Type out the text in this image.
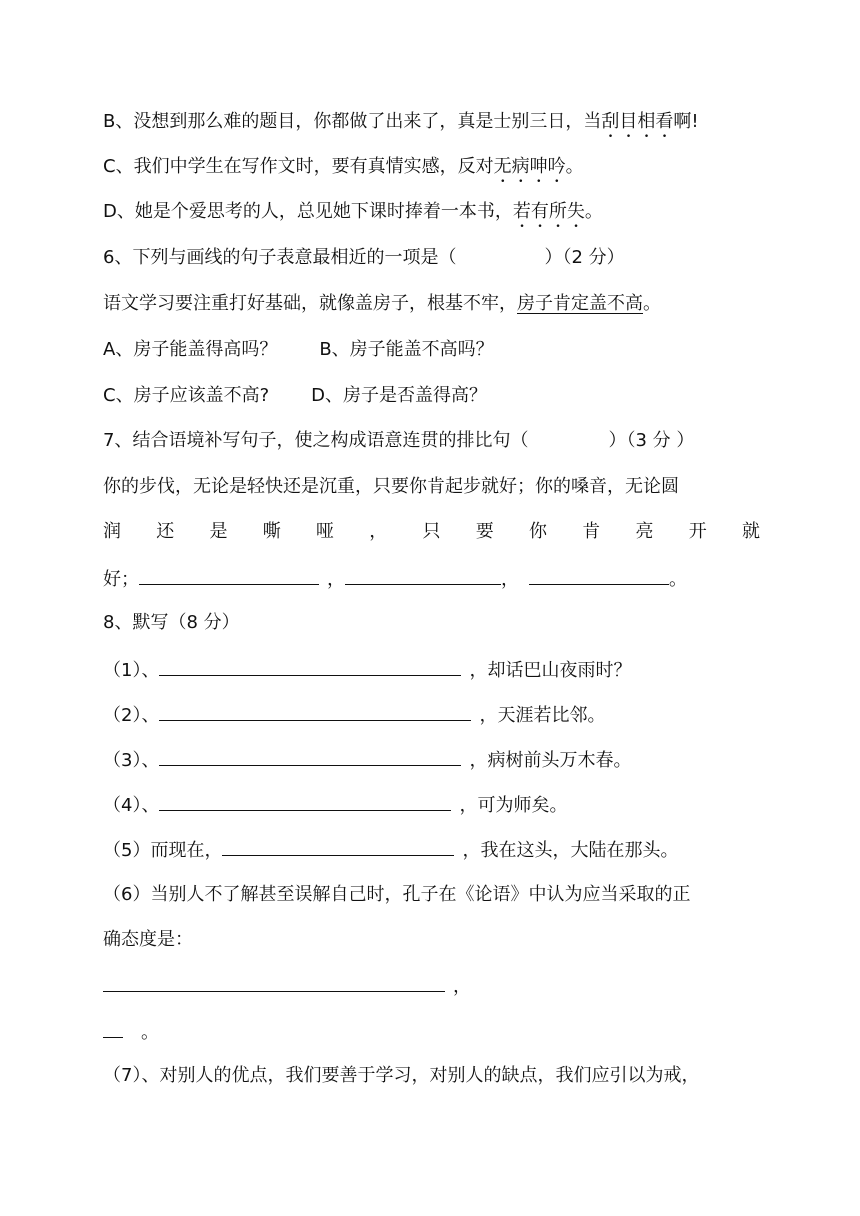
B、没想到那么难的题目，你都做了出来了，真是士别三日，当刮目相看啊!
C、我们中学生在写作文时，要有真情实感，反对无病呻吟。
D、她是个爱思考的人，总见她下课时捧着一本书，若有所失。
6、下列与画线的句子表意最相近的一项是（	）（2 分）
语文学习要注重打好基础，就像盖房子，根基不牢，房子肯定盖不高。
A、房子能盖得高吗？ B、房子能盖不高吗？
C、房子应该盖不高? D、房子是否盖得高？
7、结合语境补写句子，使之构成语意连贯的排比句（	）（3 分 ）
你的步伐，无论是轻快还是沉重，只要你肯起步就好；你的嗓音，无论圆
润 还 是 嘶 哑 ， 只 要 你 肯 亮 开 就
好；	，	，	。
8、默写（8 分）
（1）、	，却话巴山夜雨时？
（2）、	，天涯若比邻。
（3）、	，病树前头万木春。
（4）、	，可为师矣。
（5）而现在，	，我在这头，大陆在那头。
（6）当别人不了解甚至误解自己时，孔子在《论语》中认为应当采取的正
确态度是：
，
。
（7）、对别人的优点，我们要善于学习，对别人的缺点，我们应引以为戒，
